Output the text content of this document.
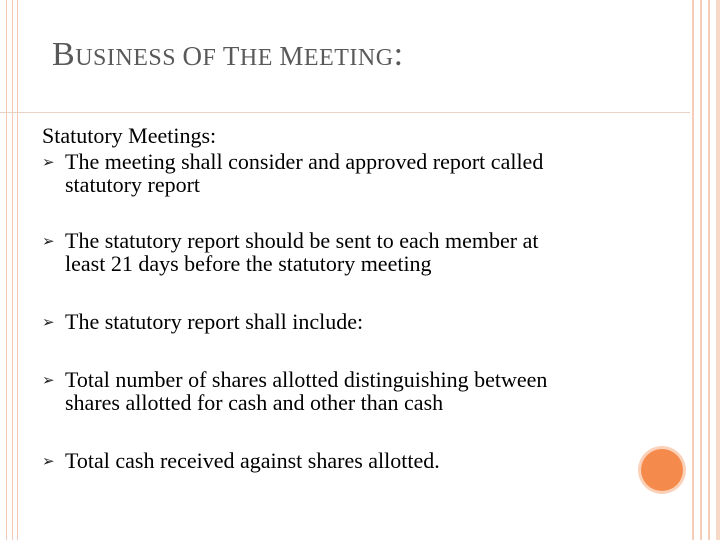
BUSINESS OF THE MEETING:

Statutory Meetings:

➢ The meeting shall consider and approved report called
statutory report
➢ The statutory report should be sent to each member at
least 21 days before the statutory meeting
➢ The statutory report shall include:
➢ Total number of shares allotted distinguishing between
shares allotted for cash and other than cash
➢ Total cash received against shares allotted.
